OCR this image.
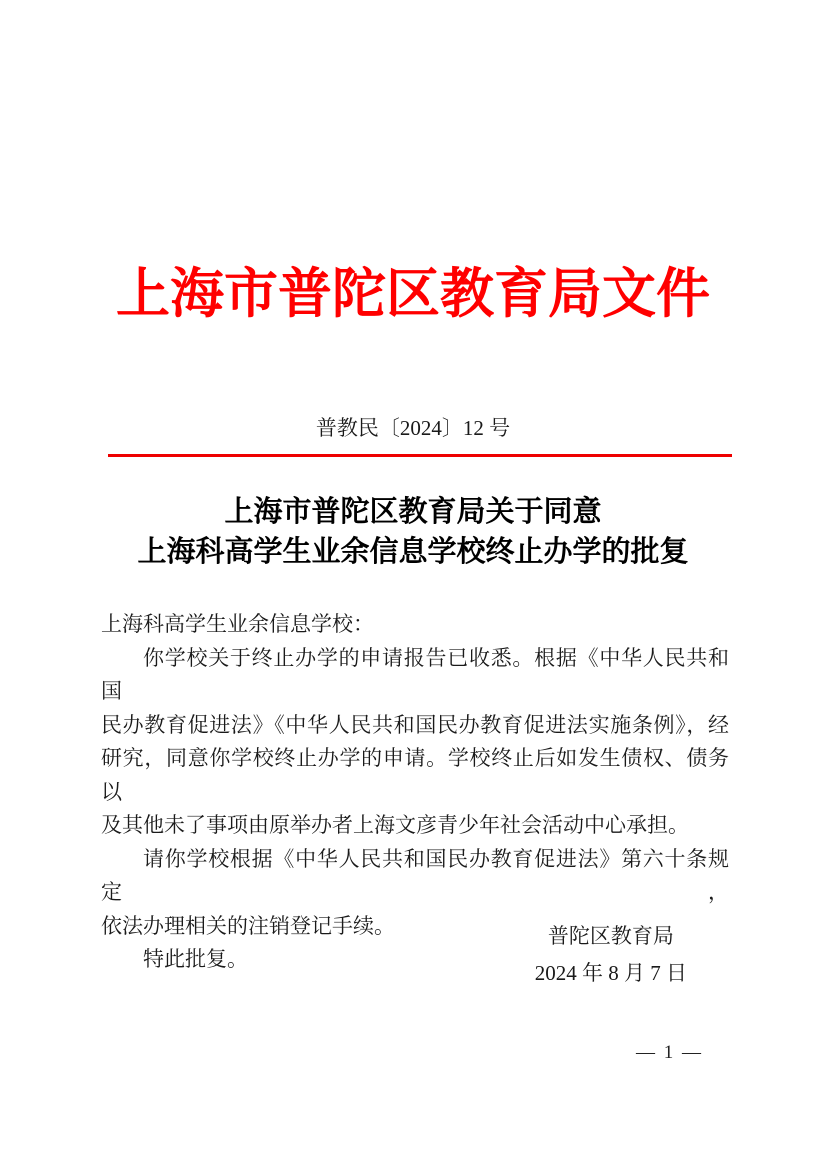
上海市普陀区教育局文件
普教民〔2024〕12 号
上海市普陀区教育局关于同意
上海科高学生业余信息学校终止办学的批复
上海科高学生业余信息学校：
你学校关于终止办学的申请报告已收悉。根据《中华人民共和国
民办教育促进法》《中华人民共和国民办教育促进法实施条例》，经
研究，同意你学校终止办学的申请。学校终止后如发生债权、债务以
及其他未了事项由原举办者上海文彦青少年社会活动中心承担。
请你学校根据《中华人民共和国民办教育促进法》第六十条规定，
依法办理相关的注销登记手续。
特此批复。
普陀区教育局
2024 年 8 月 7 日
— 1 —
